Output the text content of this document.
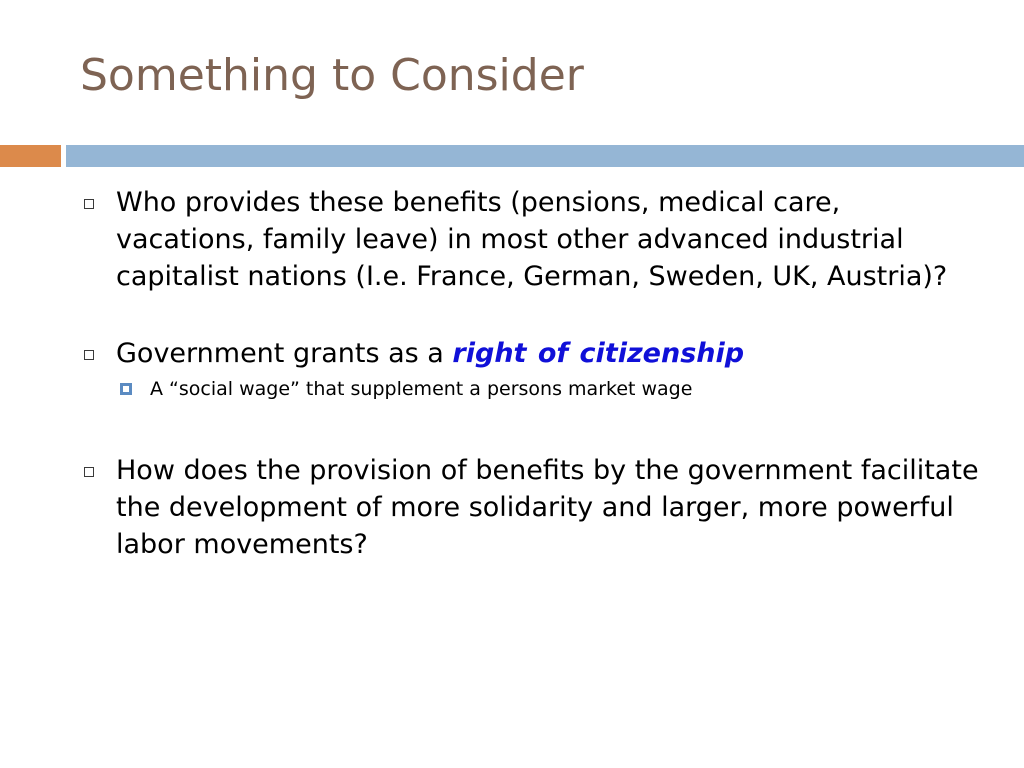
Something to Consider
Who provides these benefits (pensions, medical care, vacations, family leave) in most other advanced industrial capitalist nations (I.e. France, German, Sweden, UK, Austria)?
Government grants as a right of citizenship
A “social wage” that supplement a persons market wage
How does the provision of benefits by the government facilitate the development of more solidarity and larger, more powerful labor movements?
